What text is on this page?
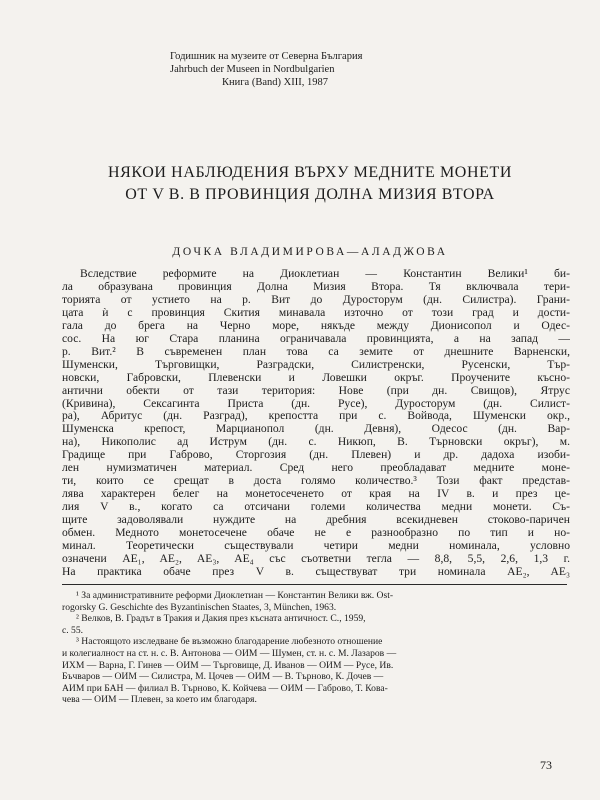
Годишник на музеите от Северна България
Jahrbuch der Museen in Nordbulgarien
Книга (Band) XIII, 1987
НЯКОИ НАБЛЮДЕНИЯ ВЪРХУ МЕДНИТЕ МОНЕТИ
ОТ V В. В ПРОВИНЦИЯ ДОЛНА МИЗИЯ ВТОРА
ДОЧКА ВЛАДИМИРОВА—АЛАДЖОВА
Вследствие реформите на Диоклетиан — Константин Велики¹ би-
ла образувана провинция Долна Мизия Втора. Тя включвала тери-
торията от устието на р. Вит до Дуросторум (дн. Силистра). Грани-
цата ѝ с провинция Скития минавала източно от този град и дости-
гала до брега на Черно море, някъде между Дионисопол и Одес-
сос. На юг Стара планина ограничавала провинцията, а на запад —
р. Вит.² В съвременен план това са земите от днешните Варненски,
Шуменски, Търговищки, Разградски, Силистренски, Русенски, Тър-
новски, Габровски, Плевенски и Ловешки окръг. Проучените късно-
антични обекти от тази територия: Нове (при дн. Свищов), Ятрус
(Кривина), Сексагинта Приста (дн. Русе), Дуросторум (дн. Силист-
ра), Абритус (дн. Разград), крепостта при с. Войвода, Шуменски окр.,
Шуменска крепост, Марцианопол (дн. Девня), Одесос (дн. Вар-
на), Никополис ад Иструм (дн. с. Никюп, В. Търновски окръг), м.
Градище при Габрово, Сторгозия (дн. Плевен) и др. дадоха изоби-
лен нумизматичен материал. Сред него преобладават медните моне-
ти, които се срещат в доста голямо количество.³ Този факт представ-
лява характерен белег на монетосеченето от края на IV в. и през це-
лия V в., когато са отсичани големи количества медни монети. Съ-
щите задоволявали нуждите на дребния всекидневен стоково-паричен
обмен. Медното монетосечене обаче не е разнообразно по тип и но-
минал. Теоретически съществували четири медни номинала, условно
означени AE₁, AE₂, AE₃, AE₄ със съответни тегла — 8,8, 5,5, 2,6, 1,3 г.
На практика обаче през V в. съществуват три номинала AE₂, AE₃
¹ За административните реформи Диоклетиан — Константин Велики вж. Ost-
rogorsky G. Geschichte des Byzantinischen Staates, 3, München, 1963.
² Велков, В. Градът в Тракия и Дакия през късната античност. С., 1959,
с. 55.
³ Настоящото изследване бе възможно благодарение любезното отношение
и колегиалност на ст. н. с. В. Антонова — ОИМ — Шумен, ст. н. с. М. Лазаров —
ИХМ — Варна, Г. Гинев — ОИМ — Търговище, Д. Иванов — ОИМ — Русе, Ив.
Бъчваров — ОИМ — Силистра, М. Цочев — ОИМ — В. Търново, К. Дочев —
АИМ при БАН — филиал В. Търново, К. Койчева — ОИМ — Габрово, Т. Кова-
чева — ОИМ — Плевен, за което им благодаря.
73
